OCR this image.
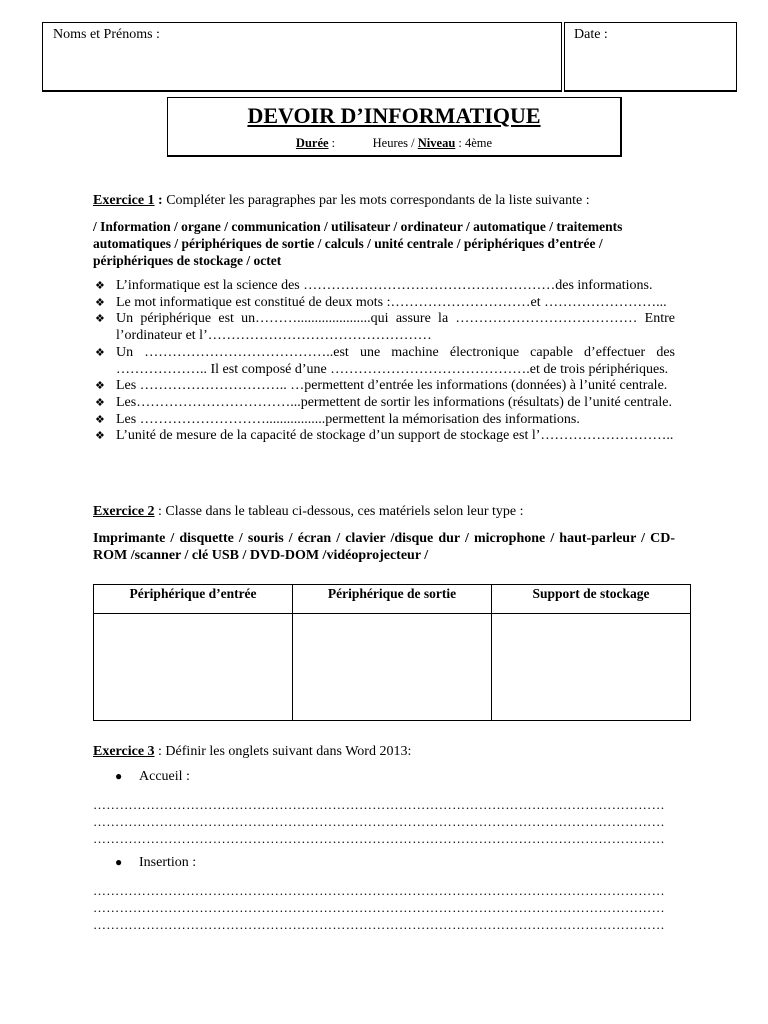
Noms et Prénoms :	Date :
DEVOIR D’INFORMATIQUE
Durée :            Heures / Niveau : 4ème
Exercice 1 : Compléter les paragraphes par les mots correspondants de la liste suivante :
/ Information / organe / communication / utilisateur / ordinateur / automatique / traitements automatiques / périphériques de sortie / calculs / unité centrale / périphériques d’entrée / périphériques de stockage / octet
❖ L’informatique est la science des ………………………………………………des informations.
❖ Le mot informatique est constitué de deux mots :…………………………et ……………………...
❖ Un périphérique est un……….....................qui assure la ………………………………… Entre l’ordinateur et l’…………………………………………
❖ Un …………………………………..est une machine électronique capable d’effectuer des ……………….. Il est composé d’une …………………………………….et de trois périphériques.
❖ Les ………………………….. …permettent d’entrée les informations (données) à l’unité centrale.
❖ Les……………………………...permettent de sortir les informations (résultats) de l’unité centrale.
❖ Les ……………………….................permettent la mémorisation des informations.
❖ L’unité de mesure de la capacité de stockage d’un support de stockage est l’………………………..
Exercice 2 : Classe dans le tableau ci-dessous, ces matériels selon leur type :
Imprimante / disquette / souris / écran / clavier /disque dur / microphone / haut-parleur / CD-ROM /scanner / clé USB / DVD-DOM /vidéoprojecteur /
Périphérique d’entrée	Périphérique de sortie	Support de stockage

Exercice 3 : Définir les onglets suivant dans Word 2013:
● Accueil :
…………………………………………………………………………………………………………………
…………………………………………………………………………………………………………………
…………………………………………………………………………………………………………………
● Insertion :
…………………………………………………………………………………………………………………
…………………………………………………………………………………………………………………
…………………………………………………………………………………………………………………
